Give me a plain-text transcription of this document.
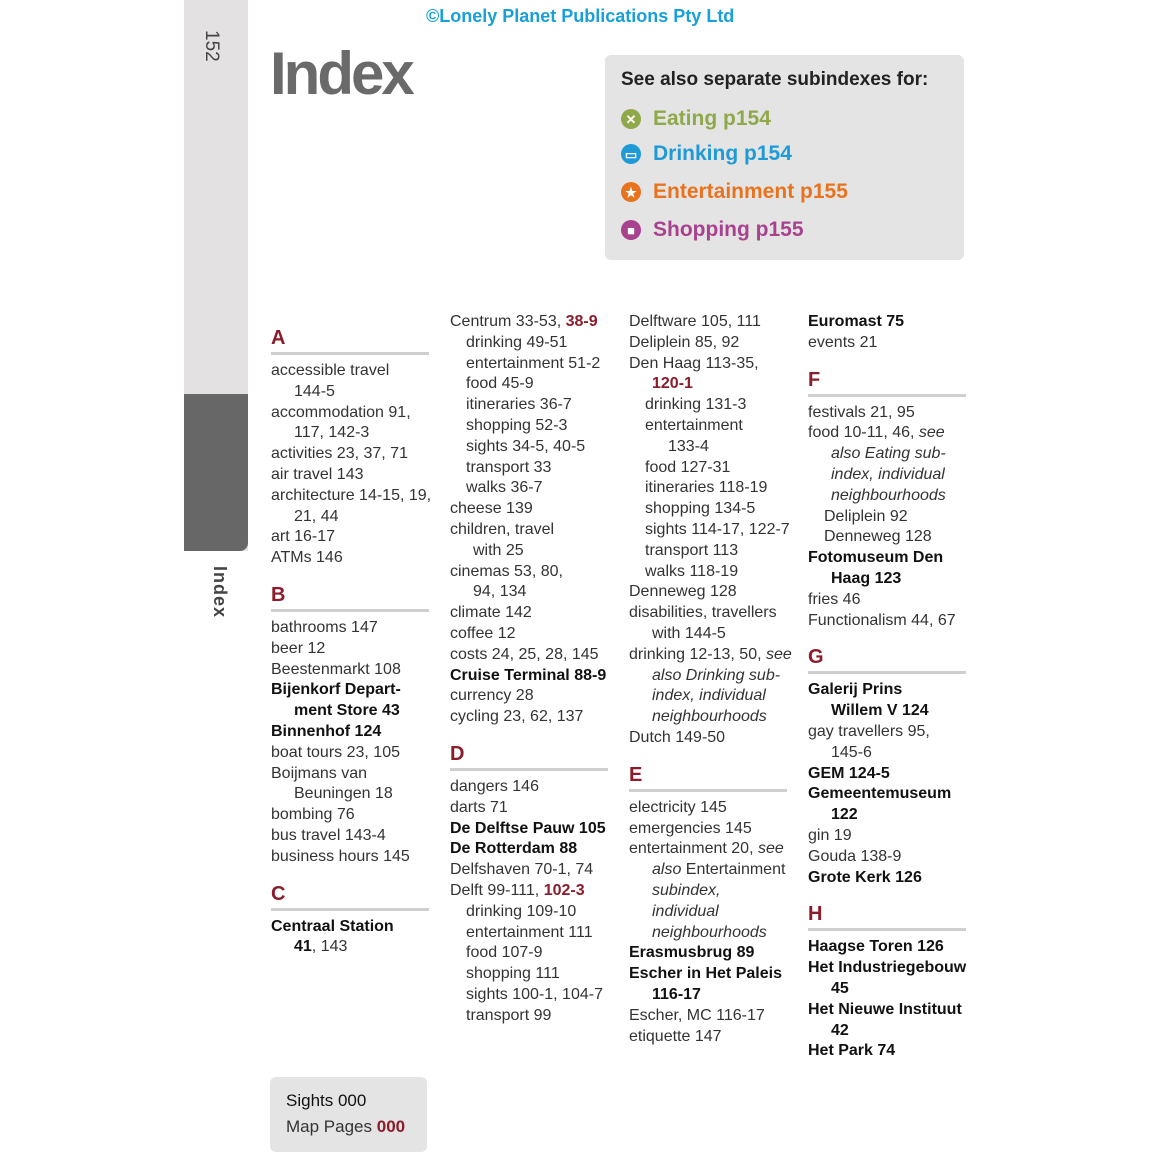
152
Index
©Lonely Planet Publications Pty Ltd
Index	See also separate subindexes for:
✕ Eating p154
▭ Drinking p154
★ Entertainment p155
■ Shopping p155
A
accessible travel
144-5
accommodation 91,
117, 142-3
activities 23, 37, 71
air travel 143
architecture 14-15, 19,
21, 44
art 16-17
ATMs 146
B
bathrooms 147
beer 12
Beestenmarkt 108
Bijenkorf Depart-
ment Store 43
Binnenhof 124
boat tours 23, 105
Boijmans van
Beuningen 18
bombing 76
bus travel 143-4
business hours 145
C
Centraal Station
41, 143
Centrum 33-53, 38-9
drinking 49-51
entertainment 51-2
food 45-9
itineraries 36-7
shopping 52-3
sights 34-5, 40-5
transport 33
walks 36-7
cheese 139
children, travel
with 25
cinemas 53, 80,
94, 134
climate 142
coffee 12
costs 24, 25, 28, 145
Cruise Terminal 88-9
currency 28
cycling 23, 62, 137
D
dangers 146
darts 71
De Delftse Pauw 105
De Rotterdam 88
Delfshaven 70-1, 74
Delft 99-111, 102-3
drinking 109-10
entertainment 111
food 107-9
shopping 111
sights 100-1, 104-7
transport 99
Delftware 105, 111
Deliplein 85, 92
Den Haag 113-35,
120-1
drinking 131-3
entertainment
133-4
food 127-31
itineraries 118-19
shopping 134-5
sights 114-17, 122-7
transport 113
walks 118-19
Denneweg 128
disabilities, travellers
with 144-5
drinking 12-13, 50, see
also Drinking sub-
index, individual
neighbourhoods
Dutch 149-50
E
electricity 145
emergencies 145
entertainment 20, see
also Entertainment
subindex,
individual
neighbourhoods
Erasmusbrug 89
Escher in Het Paleis
116-17
Escher, MC 116-17
etiquette 147
Euromast 75
events 21
F
festivals 21, 95
food 10-11, 46, see
also Eating sub-
index, individual
neighbourhoods
Deliplein 92
Denneweg 128
Fotomuseum Den
Haag 123
fries 46
Functionalism 44, 67
G
Galerij Prins
Willem V 124
gay travellers 95,
145-6
GEM 124-5
Gemeentemuseum
122
gin 19
Gouda 138-9
Grote Kerk 126
H
Haagse Toren 126
Het Industriegebouw
45
Het Nieuwe Instituut
42
Het Park 74
Sights 000
Map Pages 000
